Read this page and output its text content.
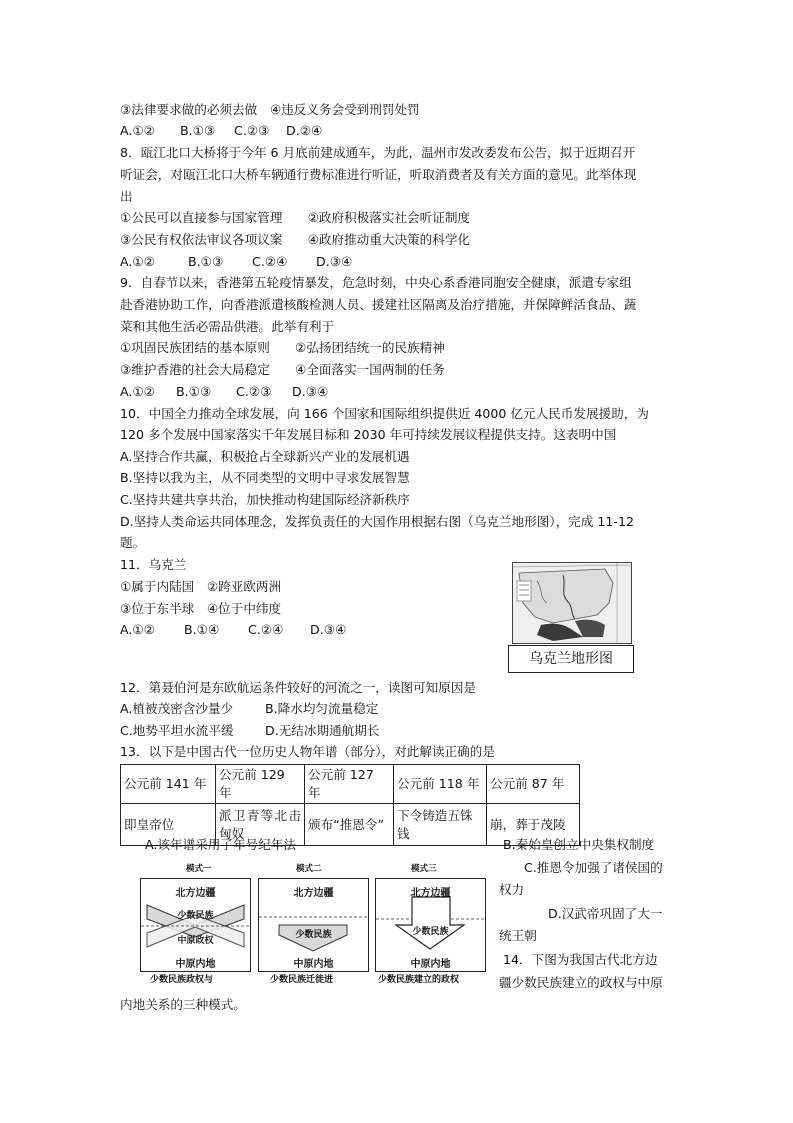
③法律要求做的必须去做　④违反义务会受到刑罚处罚
A.①② B.①③ C.②③ D.②④
8．瓯江北口大桥将于今年 6 月底前建成通车，为此，温州市发改委发布公告，拟于近期召开
听证会，对瓯江北口大桥车辆通行费标准进行听证，听取消费者及有关方面的意见。此举体现
出
①公民可以直接参与国家管理　　②政府积极落实社会听证制度
③公民有权依法审议各项议案　　④政府推动重大决策的科学化
A.①②	B.①③ C.②④ D.③④
9．自春节以来，香港第五轮疫情暴发，危急时刻，中央心系香港同胞安全健康，派遣专家组
赴香港协助工作，向香港派遣核酸检测人员、援建社区隔离及治疗措施，并保障鲜活食品、蔬
菜和其他生活必需品供港。此举有利于
①巩固民族团结的基本原则　　②弘扬团结统一的民族精神
③维护香港的社会大局稳定　　④全面落实一国两制的任务
A.①② B.①③ C.②③ D.③④
10．中国全力推动全球发展，向 166 个国家和国际组织提供近 4000 亿元人民币发展援助，为
120 多个发展中国家落实千年发展目标和 2030 年可持续发展议程提供支持。这表明中国
A.坚持合作共赢，积极抢占全球新兴产业的发展机遇
B.坚持以我为主，从不同类型的文明中寻求发展智慧
C.坚持共建共享共治，加快推动构建国际经济新秩序
D.坚持人类命运共同体理念，发挥负责任的大国作用根据右图（乌克兰地形图），完成 11-12
题。
11．乌克兰
①属于内陆国　②跨亚欧两洲
③位于东半球　④位于中纬度
A.①② B.①④ C.②④ D.③④
乌克兰地形图
12．第聂伯河是东欧航运条件较好的河流之一，读图可知原因是
A.植被茂密含沙量少	B.降水均匀流量稳定
C.地势平坦水流平缓 D.无结冰期通航期长
13．以下是中国古代一位历史人物年谱（部分），对此解读正确的是
公元前 141 年	公元前 129 年	公元前 127 年	公元前 118 年	公元前 87 年
即皇帝位	派卫青等北击匈奴	颁布“推恩令”	下令铸造五铢钱	崩，葬于茂陵
A.该年谱采用了年号纪年法	B.秦始皇创立中央集权制度
C.推恩令加强了诸侯国的
权力
D.汉武帝巩固了大一
统王朝
14．下图为我国古代北方边
疆少数民族建立的政权与中原
内地关系的三种模式。
模式一	模式二	模式三
北方边疆
少数民族
中原政权
中原内地
北方边疆
少数民族
中原内地
北方边疆
少数民族
中原内地
少数民族政权与	少数民族迁徙进	少数民族建立的政权
